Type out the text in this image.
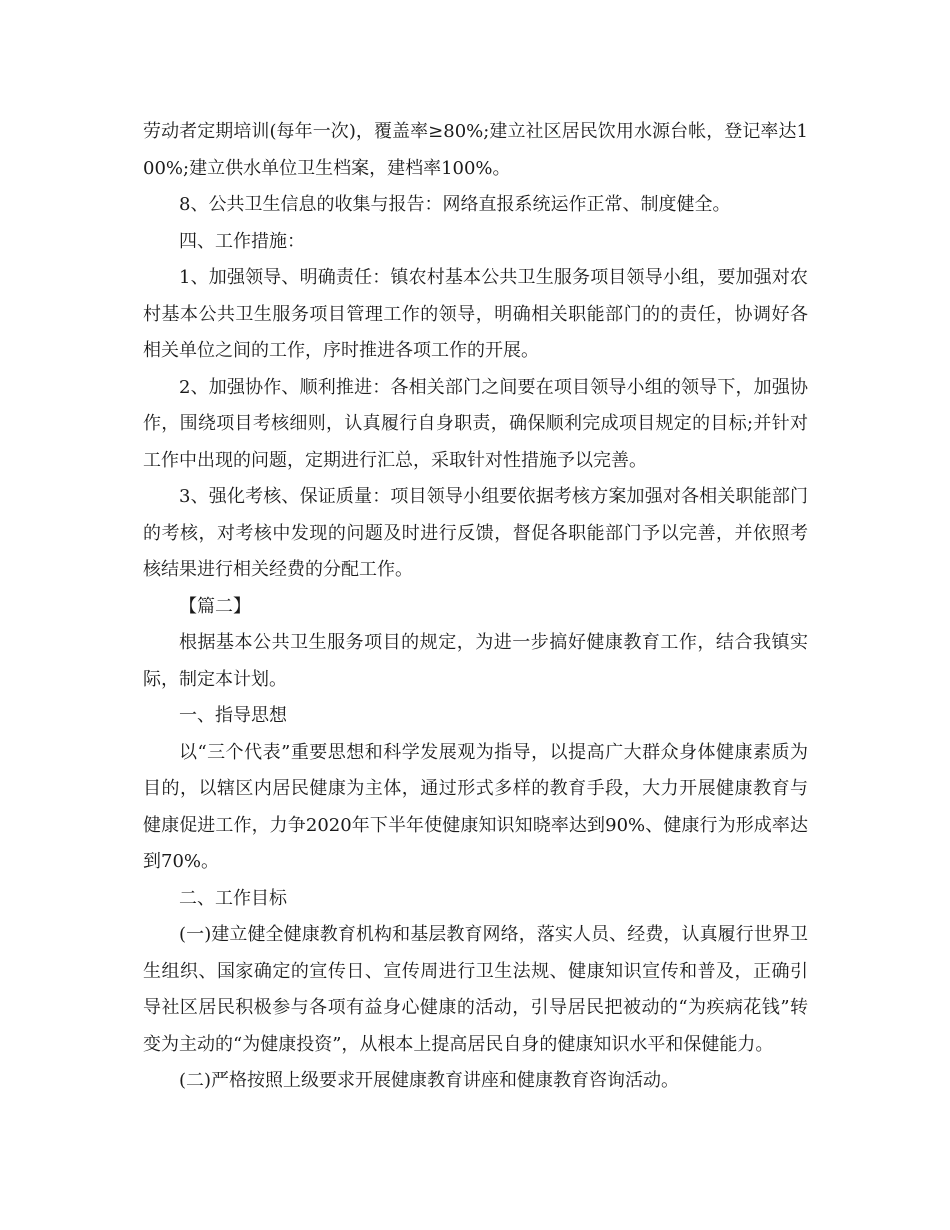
劳动者定期培训(每年一次)，覆盖率≥80%;建立社区居民饮用水源台帐，登记率达100%;建立供水单位卫生档案，建档率100%。

8、公共卫生信息的收集与报告：网络直报系统运作正常、制度健全。

四、工作措施：

1、加强领导、明确责任：镇农村基本公共卫生服务项目领导小组，要加强对农村基本公共卫生服务项目管理工作的领导，明确相关职能部门的的责任，协调好各相关单位之间的工作，序时推进各项工作的开展。

2、加强协作、顺利推进：各相关部门之间要在项目领导小组的领导下，加强协作，围绕项目考核细则，认真履行自身职责，确保顺利完成项目规定的目标;并针对工作中出现的问题，定期进行汇总，采取针对性措施予以完善。

3、强化考核、保证质量：项目领导小组要依据考核方案加强对各相关职能部门的考核，对考核中发现的问题及时进行反馈，督促各职能部门予以完善，并依照考核结果进行相关经费的分配工作。

【篇二】

根据基本公共卫生服务项目的规定，为进一步搞好健康教育工作，结合我镇实际，制定本计划。

一、指导思想

以“三个代表”重要思想和科学发展观为指导，以提高广大群众身体健康素质为目的，以辖区内居民健康为主体，通过形式多样的教育手段，大力开展健康教育与健康促进工作，力争2020年下半年使健康知识知晓率达到90%、健康行为形成率达到70%。

二、工作目标

(一)建立健全健康教育机构和基层教育网络，落实人员、经费，认真履行世界卫生组织、国家确定的宣传日、宣传周进行卫生法规、健康知识宣传和普及，正确引导社区居民积极参与各项有益身心健康的活动，引导居民把被动的“为疾病花钱”转变为主动的“为健康投资”，从根本上提高居民自身的健康知识水平和保健能力。

(二)严格按照上级要求开展健康教育讲座和健康教育咨询活动。
